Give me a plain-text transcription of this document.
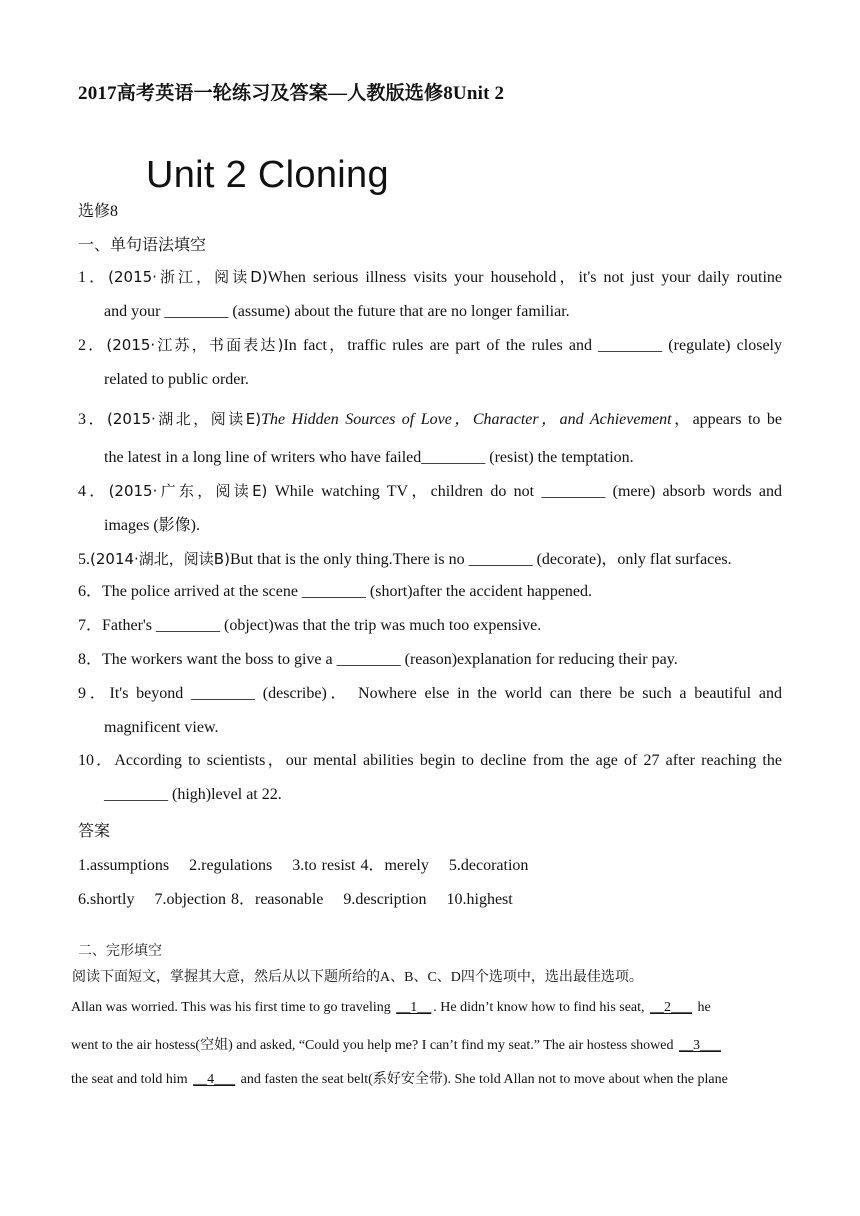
2017高考英语一轮练习及答案—人教版选修8Unit 2
Unit 2 Cloning
选修8
一、单句语法填空
1．(2015·浙江，阅读D)When serious illness visits your household，it's not just your daily routine
and your ________ (assume) about the future that are no longer familiar.
2．(2015·江苏，书面表达)In fact，traffic rules are part of the rules and ________ (regulate) closely
related to public order.
3．(2015·湖北，阅读E)The Hidden Sources of Love，Character，and Achievement，appears to be
the latest in a long line of writers who have failed________ (resist) the temptation.
4．(2015·广东，阅读E) While watching TV，children do not ________ (mere) absorb words and
images (影像).
5.(2014·湖北，阅读B)But that is the only thing.There is no ________ (decorate)，only flat surfaces.
6．The police arrived at the scene ________ (short)after the accident happened.
7．Father's ________ (object)was that the trip was much too expensive.
8．The workers want the boss to give a ________ (reason)explanation for reducing their pay.
9．It's beyond ________ (describe)． Nowhere else in the world can there be such a beautiful and
magnificent view.
10．According to scientists，our mental abilities begin to decline from the age of 27 after reaching the
________ (high)level at 22.
答案
1.assumptions 2.regulations 3.to resist 4．merely 5.decoration
6.shortly 7.objection 8．reasonable 9.description 10.highest
二、完形填空
阅读下面短文，掌握其大意，然后从以下题所给的A、B、C、D四个选项中，选出最佳选项。
Allan was worried. This was his first time to go traveling __1__ . He didn’t know how to find his seat, __2___ he
went to the air hostess(空姐) and asked, “Could you help me? I can’t find my seat.” The air hostess showed __3___
the seat and told him __4___ and fasten the seat belt(系好安全带). She told Allan not to move about when the plane
